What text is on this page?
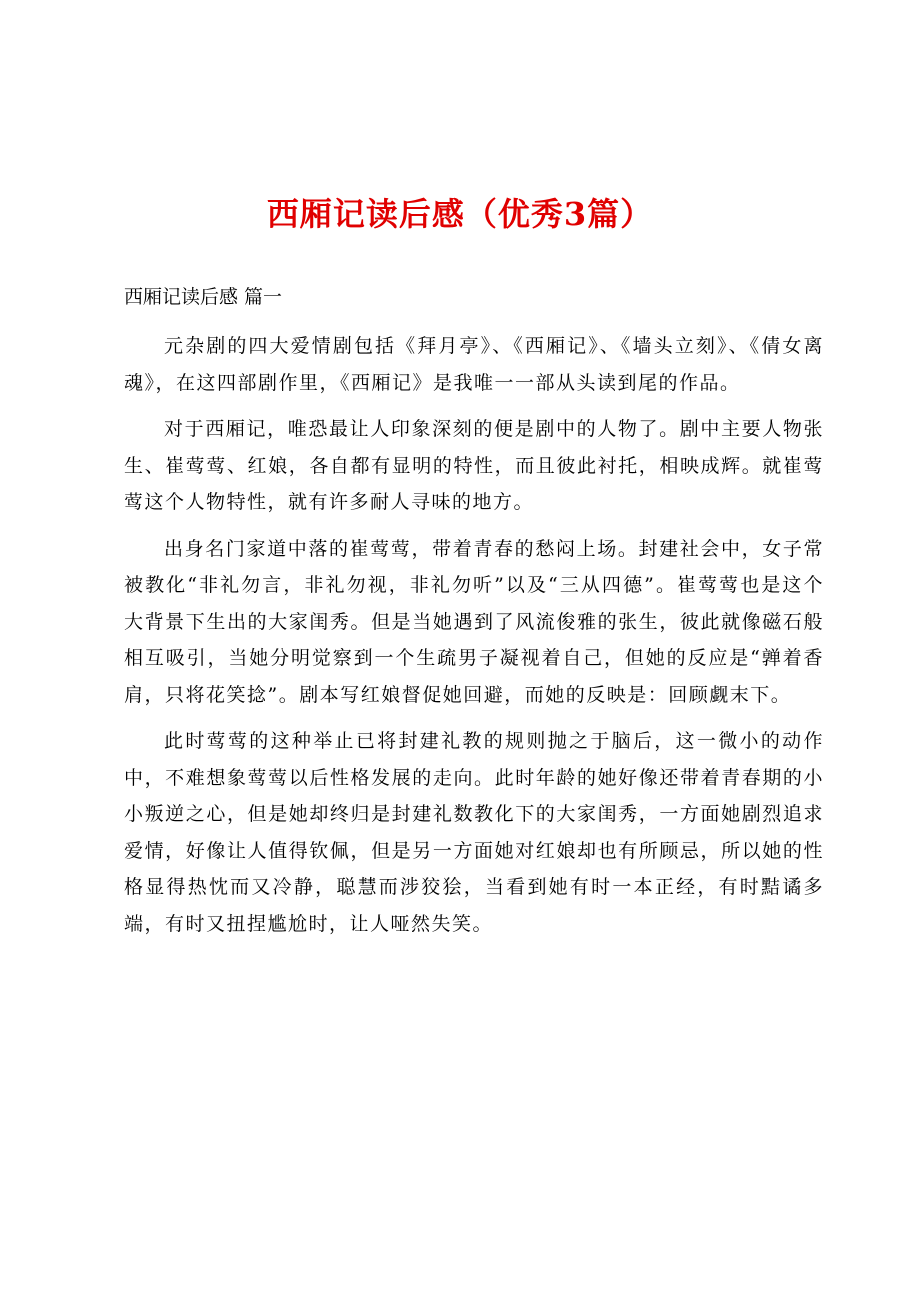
西厢记读后感（优秀3篇）
西厢记读后感 篇一

元杂剧的四大爱情剧包括《拜月亭》、《西厢记》、《墙头立刻》、《倩女离魂》，在这四部剧作里，《西厢记》是我唯一一部从头读到尾的作品。

对于西厢记，唯恐最让人印象深刻的便是剧中的人物了。剧中主要人物张生、崔莺莺、红娘，各自都有显明的特性，而且彼此衬托，相映成辉。就崔莺莺这个人物特性，就有许多耐人寻味的地方。

出身名门家道中落的崔莺莺，带着青春的愁闷上场。封建社会中，女子常被教化“非礼勿言，非礼勿视，非礼勿听”以及“三从四德”。崔莺莺也是这个大背景下生出的大家闺秀。但是当她遇到了风流俊雅的张生，彼此就像磁石般相互吸引，当她分明觉察到一个生疏男子凝视着自己，但她的反应是“亸着香肩，只将花笑捻”。剧本写红娘督促她回避，而她的反映是：回顾觑末下。

此时莺莺的这种举止已将封建礼教的规则抛之于脑后，这一微小的动作中，不难想象莺莺以后性格发展的走向。此时年龄的她好像还带着青春期的小小叛逆之心，但是她却终归是封建礼数教化下的大家闺秀，一方面她剧烈追求爱情，好像让人值得钦佩，但是另一方面她对红娘却也有所顾忌，所以她的性格显得热忱而又冷静，聪慧而涉狡狯，当看到她有时一本正经，有时黠谲多端，有时又扭捏尴尬时，让人哑然失笑。
